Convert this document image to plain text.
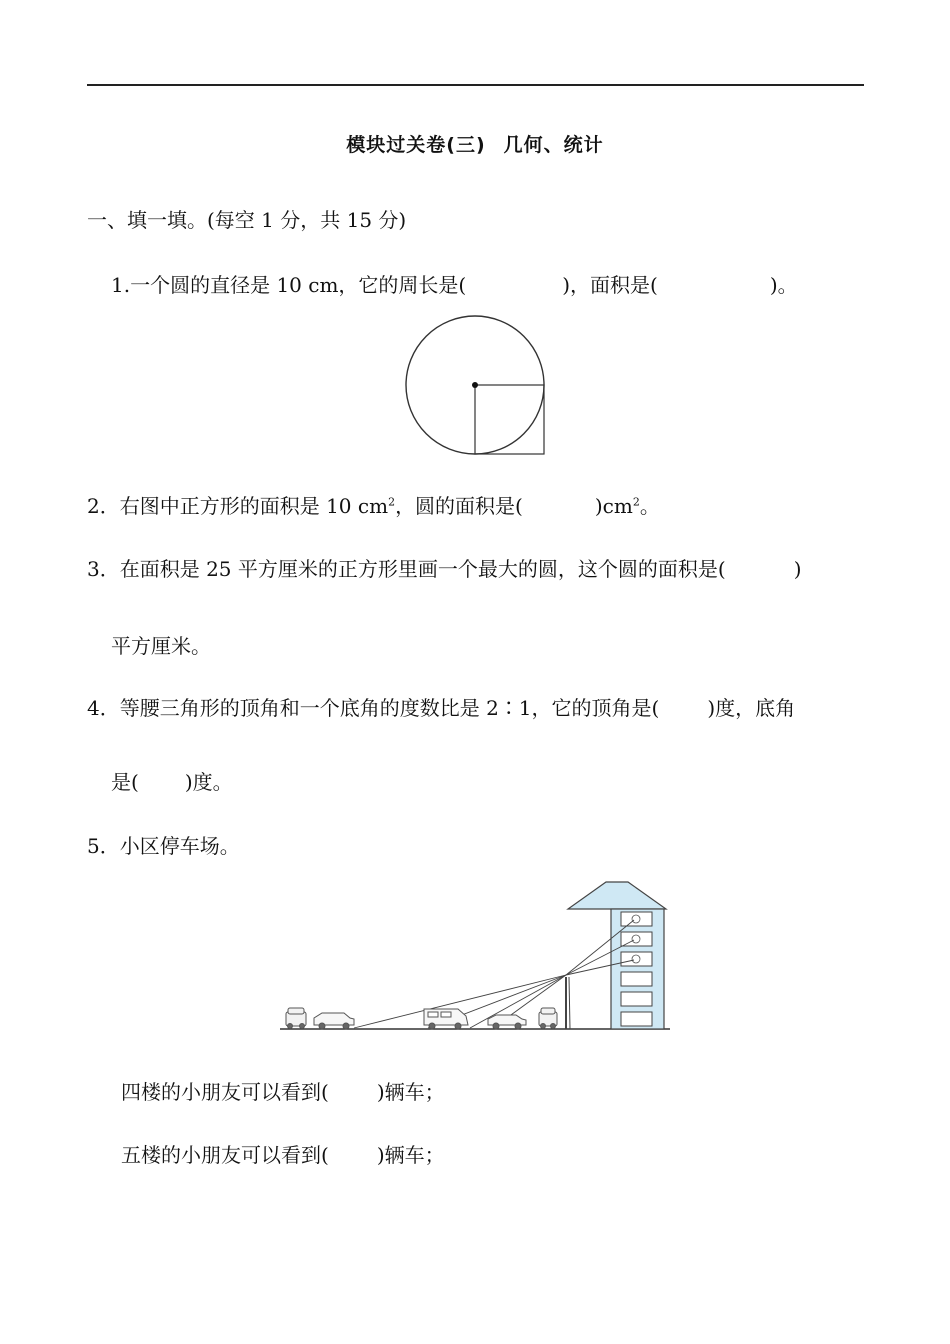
模块过关卷(三) 几何、统计
一、填一填。(每空 1 分，共 15 分)
1.一个圆的直径是 10 cm，它的周长是(	)，面积是(	)。
2．右图中正方形的面积是 10 $cm^2$，圆的面积是(	)$cm^2$。
3．在面积是 25 平方厘米的正方形里画一个最大的圆，这个圆的面积是(	)
平方厘米。
4．等腰三角形的顶角和一个底角的度数比是 2∶1，它的顶角是( )度，底角
是( )度。
5．小区停车场。
四楼的小朋友可以看到( )辆车；
五楼的小朋友可以看到( )辆车；
